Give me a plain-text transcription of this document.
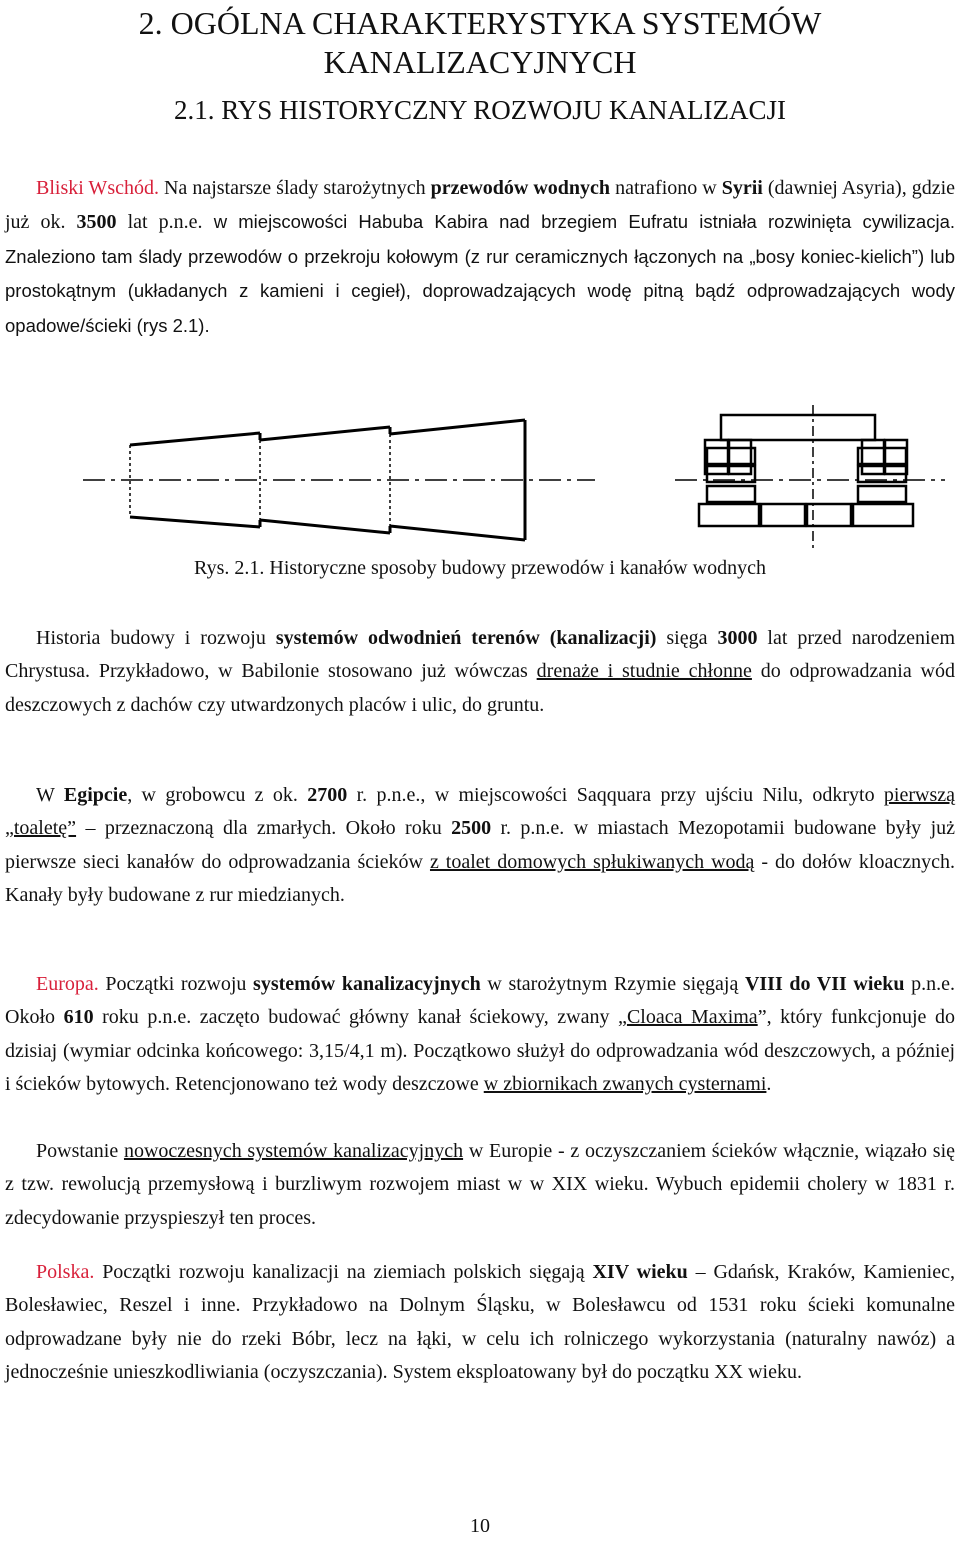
2. OGÓLNA CHARAKTERYSTYKA SYSTEMÓW
KANALIZACYJNYCH
2.1. RYS HISTORYCZNY ROZWOJU KANALIZACJI

Bliski Wschód. Na najstarsze ślady starożytnych przewodów wodnych natrafiono w Syrii (dawniej Asyria), gdzie już ok. 3500 lat p.n.e. w miejscowości Habuba Kabira nad brzegiem Eufratu istniała rozwinięta cywilizacja. Znaleziono tam ślady przewodów o przekroju kołowym (z rur ceramicznych łączonych na „bosy koniec-kielich”) lub prostokątnym (układanych z kamieni i cegieł), doprowadzających wodę pitną bądź odprowadzających wody opadowe/ścieki (rys 2.1).

Rys. 2.1. Historyczne sposoby budowy przewodów i kanałów wodnych

Historia budowy i rozwoju systemów odwodnień terenów (kanalizacji) sięga 3000 lat przed narodzeniem Chrystusa. Przykładowo, w Babilonie stosowano już wówczas drenaże i studnie chłonne do odprowadzania wód deszczowych z dachów czy utwardzonych placów i ulic, do gruntu.

W Egipcie, w grobowcu z ok. 2700 r. p.n.e., w miejscowości Saqquara przy ujściu Nilu, odkryto pierwszą „toaletę” – przeznaczoną dla zmarłych. Około roku 2500 r. p.n.e. w miastach Mezopotamii budowane były już pierwsze sieci kanałów do odprowadzania ścieków z toalet domowych spłukiwanych wodą - do dołów kloacznych. Kanały były budowane z rur miedzianych.

Europa. Początki rozwoju systemów kanalizacyjnych w starożytnym Rzymie sięgają VIII do VII wieku p.n.e. Około 610 roku p.n.e. zaczęto budować główny kanał ściekowy, zwany „Cloaca Maxima”, który funkcjonuje do dzisiaj (wymiar odcinka końcowego: 3,15/4,1 m). Początkowo służył do odprowadzania wód deszczowych, a później i ścieków bytowych. Retencjonowano też wody deszczowe w zbiornikach zwanych cysternami.

Powstanie nowoczesnych systemów kanalizacyjnych w Europie - z oczyszczaniem ścieków włącznie, wiązało się z tzw. rewolucją przemysłową i burzliwym rozwojem miast w w XIX wieku. Wybuch epidemii cholery w 1831 r. zdecydowanie przyspieszył ten proces.

Polska. Początki rozwoju kanalizacji na ziemiach polskich sięgają XIV wieku – Gdańsk, Kraków, Kamieniec, Bolesławiec, Reszel i inne. Przykładowo na Dolnym Śląsku, w Bolesławcu od 1531 roku ścieki komunalne odprowadzane były nie do rzeki Bóbr, lecz na łąki, w celu ich rolniczego wykorzystania (naturalny nawóz) a jednocześnie unieszkodliwiania (oczyszczania). System eksploatowany był do początku XX wieku.

10
